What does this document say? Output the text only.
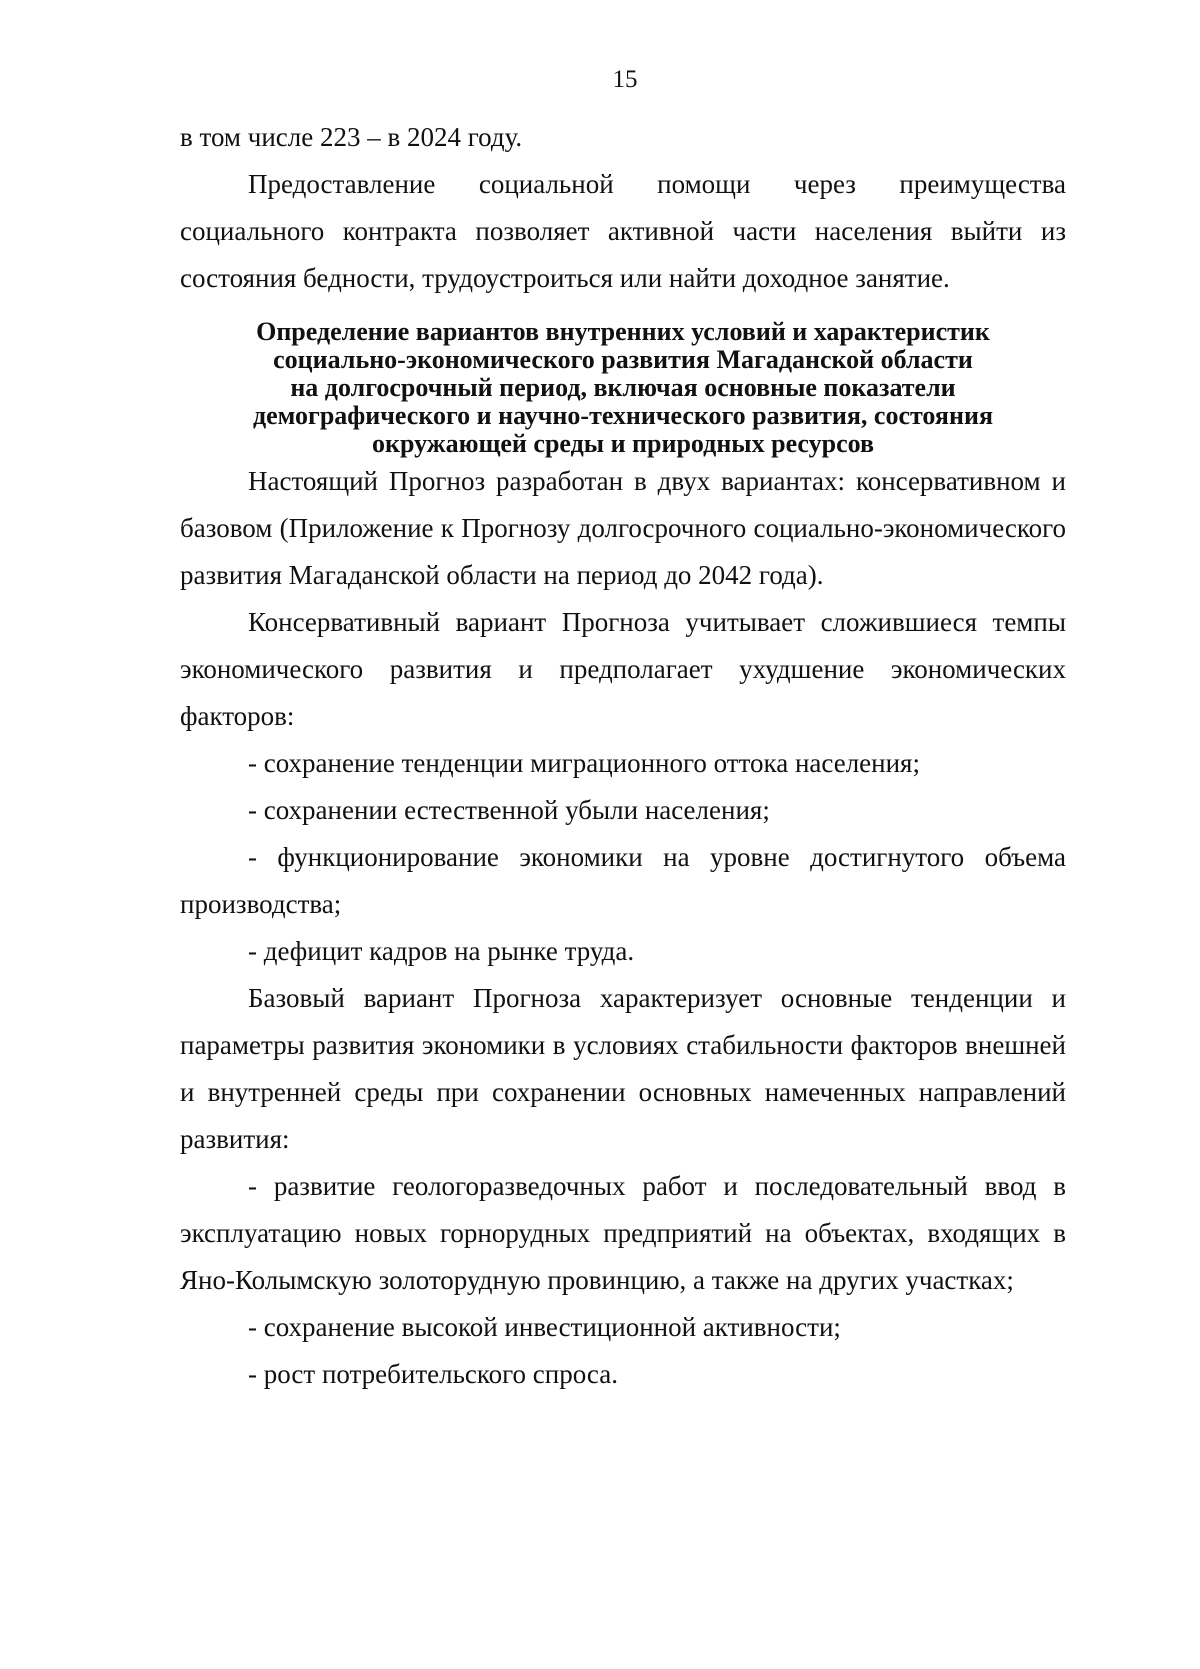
15

в том числе 223 – в 2024 году.

Предоставление социальной помощи через преимущества социального контракта позволяет активной части населения выйти из состояния бедности, трудоустроиться или найти доходное занятие.

Определение вариантов внутренних условий и характеристик
социально-экономического развития Магаданской области
на долгосрочный период, включая основные показатели
демографического и научно-технического развития, состояния
окружающей среды и природных ресурсов

Настоящий Прогноз разработан в двух вариантах: консервативном и базовом (Приложение к Прогнозу долгосрочного социально-экономического развития Магаданской области на период до 2042 года).

Консервативный вариант Прогноза учитывает сложившиеся темпы экономического развития и предполагает ухудшение экономических факторов:

- сохранение тенденции миграционного оттока населения;

- сохранении естественной убыли населения;

- функционирование экономики на уровне достигнутого объема производства;

- дефицит кадров на рынке труда.

Базовый вариант Прогноза характеризует основные тенденции и параметры развития экономики в условиях стабильности факторов внешней и внутренней среды при сохранении основных намеченных направлений развития:

- развитие геологоразведочных работ и последовательный ввод в эксплуатацию новых горнорудных предприятий на объектах, входящих в Яно-Колымскую золоторудную провинцию, а также на других участках;

- сохранение высокой инвестиционной активности;

- рост потребительского спроса.
